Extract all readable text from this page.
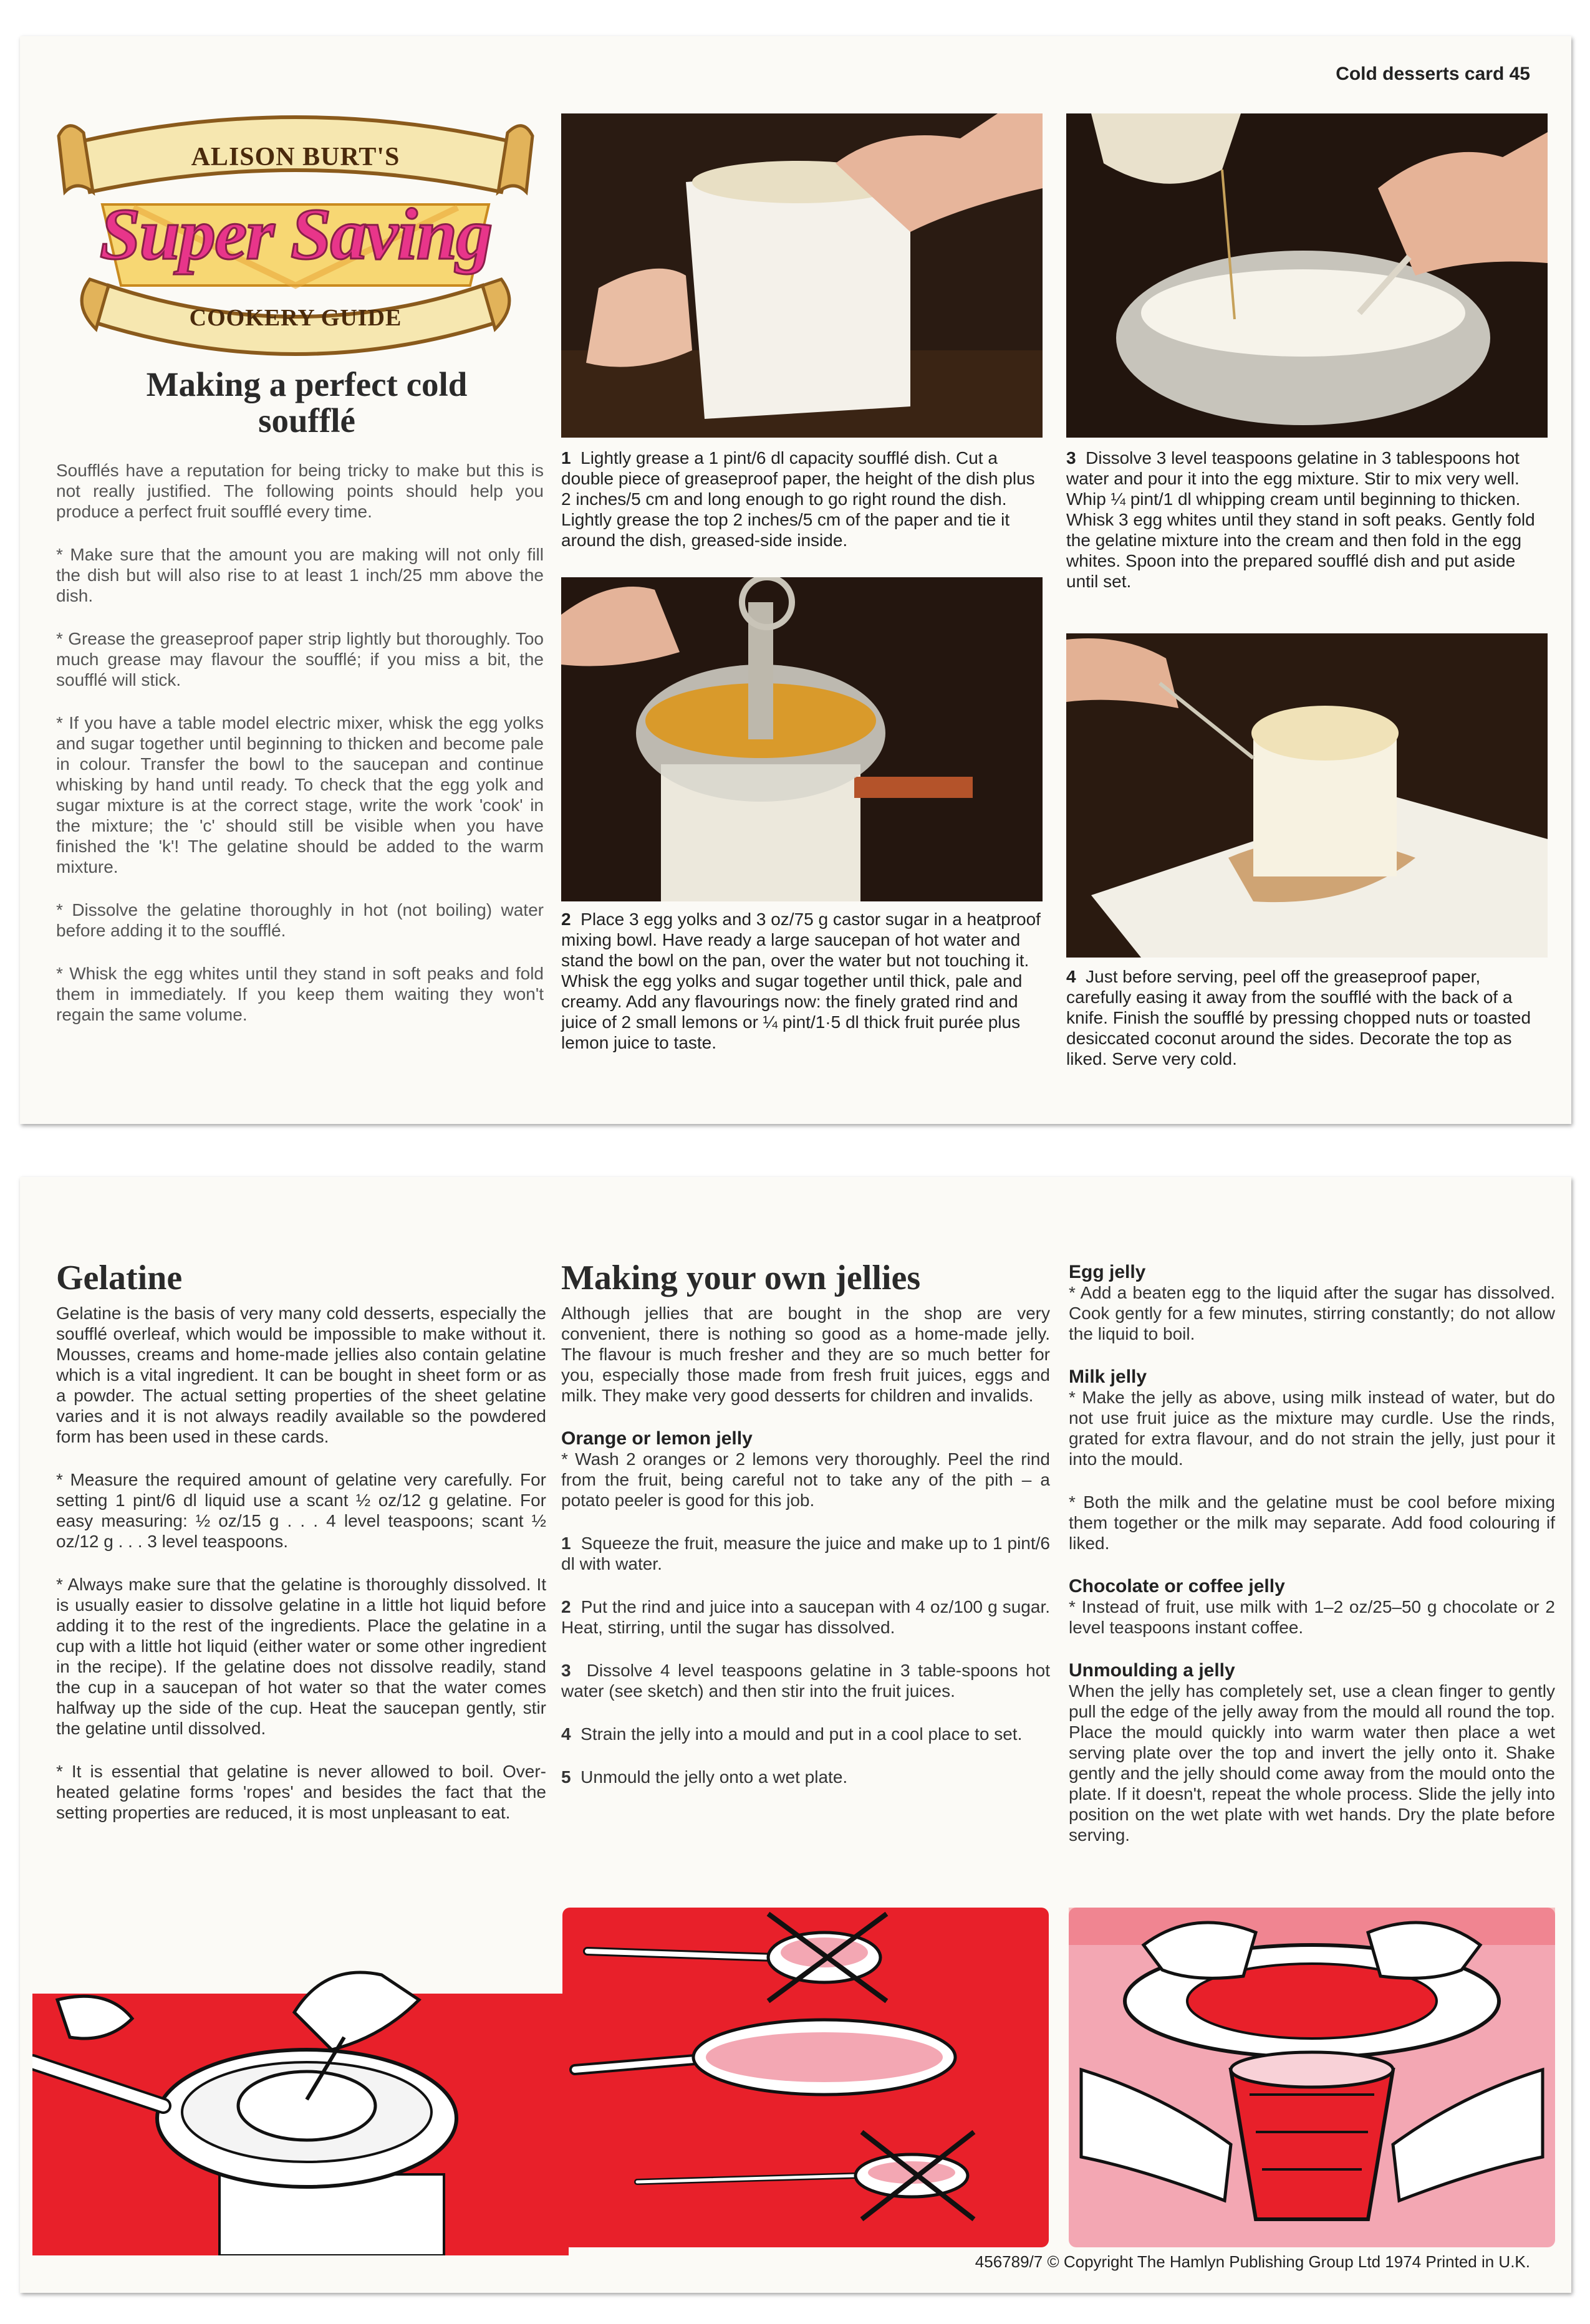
Cold desserts card 45
ALISON BURT'S
Super Saving
COOKERY GUIDE
Making a perfect cold
soufflé

Soufflés have a reputation for being tricky to make but this is not really justified. The following points should help you produce a perfect fruit soufflé every time.

* Make sure that the amount you are making will not only fill the dish but will also rise to at least 1 inch/25 mm above the dish.

* Grease the greaseproof paper strip lightly but thoroughly. Too much grease may flavour the soufflé; if you miss a bit, the soufflé will stick.

* If you have a table model electric mixer, whisk the egg yolks and sugar together until beginning to thicken and become pale in colour. Transfer the bowl to the saucepan and continue whisking by hand until ready. To check that the egg yolk and sugar mixture is at the correct stage, write the work 'cook' in the mixture; the 'c' should still be visible when you have finished the 'k'! The gelatine should be added to the warm mixture.

* Dissolve the gelatine thoroughly in hot (not boiling) water before adding it to the soufflé.

* Whisk the egg whites until they stand in soft peaks and fold them in immediately. If you keep them waiting they won't regain the same volume.

1 Lightly grease a 1 pint/6 dl capacity soufflé dish. Cut a double piece of greaseproof paper, the height of the dish plus 2 inches/5 cm and long enough to go right round the dish. Lightly grease the top 2 inches/5 cm of the paper and tie it around the dish, greased-side inside.
2 Place 3 egg yolks and 3 oz/75 g castor sugar in a heatproof mixing bowl. Have ready a large saucepan of hot water and stand the bowl on the pan, over the water but not touching it. Whisk the egg yolks and sugar together until thick, pale and creamy. Add any flavourings now: the finely grated rind and juice of 2 small lemons or ¼ pint/1·5 dl thick fruit purée plus lemon juice to taste.
3 Dissolve 3 level teaspoons gelatine in 3 tablespoons hot water and pour it into the egg mixture. Stir to mix very well. Whip ¼ pint/1 dl whipping cream until beginning to thicken. Whisk 3 egg whites until they stand in soft peaks. Gently fold the gelatine mixture into the cream and then fold in the egg whites. Spoon into the prepared soufflé dish and put aside until set.
4 Just before serving, peel off the greaseproof paper, carefully easing it away from the soufflé with the back of a knife. Finish the soufflé by pressing chopped nuts or toasted desiccated coconut around the sides. Decorate the top as liked. Serve very cold.
Gelatine

Gelatine is the basis of very many cold desserts, especially the soufflé overleaf, which would be impossible to make without it. Mousses, creams and home-made jellies also contain gelatine which is a vital ingredient. It can be bought in sheet form or as a powder. The actual setting properties of the sheet gelatine varies and it is not always readily available so the powdered form has been used in these cards.

* Measure the required amount of gelatine very carefully. For setting 1 pint/6 dl liquid use a scant ½ oz/12 g gelatine. For easy measuring: ½ oz/15 g . . . 4 level teaspoons; scant ½ oz/12 g . . . 3 level teaspoons.

* Always make sure that the gelatine is thoroughly dissolved. It is usually easier to dissolve gelatine in a little hot liquid before adding it to the rest of the ingredients. Place the gelatine in a cup with a little hot liquid (either water or some other ingredient in the recipe). If the gelatine does not dissolve readily, stand the cup in a saucepan of hot water so that the water comes halfway up the side of the cup. Heat the saucepan gently, stir the gelatine until dissolved.

* It is essential that gelatine is never allowed to boil. Over-heated gelatine forms 'ropes' and besides the fact that the setting properties are reduced, it is most unpleasant to eat.

Making your own jellies

Although jellies that are bought in the shop are very convenient, there is nothing so good as a home-made jelly. The flavour is much fresher and they are so much better for you, especially those made from fresh fruit juices, eggs and milk. They make very good desserts for children and invalids.

Orange or lemon jelly

* Wash 2 oranges or 2 lemons very thoroughly. Peel the rind from the fruit, being careful not to take any of the pith – a potato peeler is good for this job.

1 Squeeze the fruit, measure the juice and make up to 1 pint/6 dl with water.

2 Put the rind and juice into a saucepan with 4 oz/100 g sugar. Heat, stirring, until the sugar has dissolved.

3 Dissolve 4 level teaspoons gelatine in 3 table-spoons hot water (see sketch) and then stir into the fruit juices.

4 Strain the jelly into a mould and put in a cool place to set.

5 Unmould the jelly onto a wet plate.

Egg jelly

* Add a beaten egg to the liquid after the sugar has dissolved. Cook gently for a few minutes, stirring constantly; do not allow the liquid to boil.

Milk jelly

* Make the jelly as above, using milk instead of water, but do not use fruit juice as the mixture may curdle. Use the rinds, grated for extra flavour, and do not strain the jelly, just pour it into the mould.

* Both the milk and the gelatine must be cool before mixing them together or the milk may separate. Add food colouring if liked.

Chocolate or coffee jelly

* Instead of fruit, use milk with 1–2 oz/25–50 g chocolate or 2 level teaspoons instant coffee.

Unmoulding a jelly

When the jelly has completely set, use a clean finger to gently pull the edge of the jelly away from the mould all round the top. Place the mould quickly into warm water then place a wet serving plate over the top and invert the jelly onto it. Shake gently and the jelly should come away from the mould onto the plate. If it doesn't, repeat the whole process. Slide the jelly into position on the wet plate with wet hands. Dry the plate before serving.

456789/7 © Copyright The Hamlyn Publishing Group Ltd 1974 Printed in U.K.
